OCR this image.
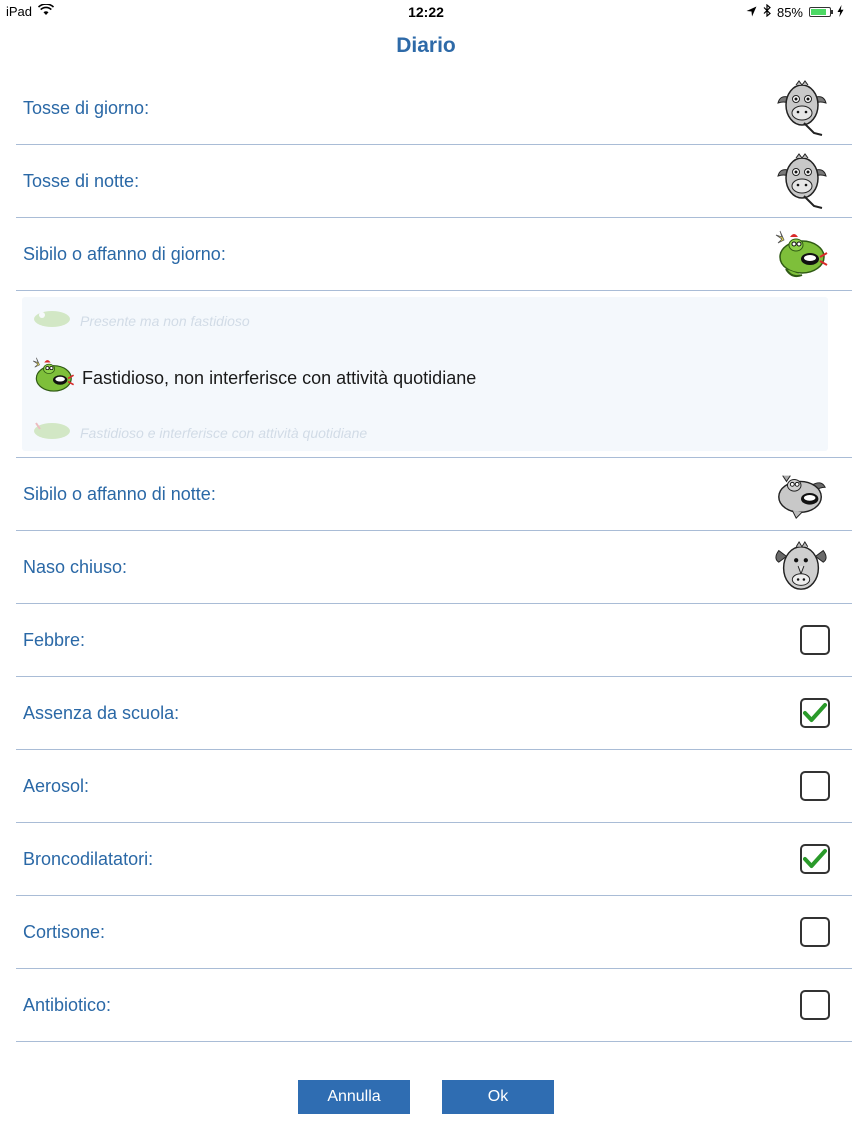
iPad	12:22	85%
Diario
Tosse di giorno:
Tosse di notte:
Sibilo o affanno di giorno:
Presente ma non fastidioso
Fastidioso, non interferisce con attività quotidiane
Fastidioso e interferisce con attività quotidiane
Sibilo o affanno di notte:
Naso chiuso:
Febbre:
Assenza da scuola:
Aerosol:
Broncodilatatori:
Cortisone:
Antibiotico:
Annulla	Ok
